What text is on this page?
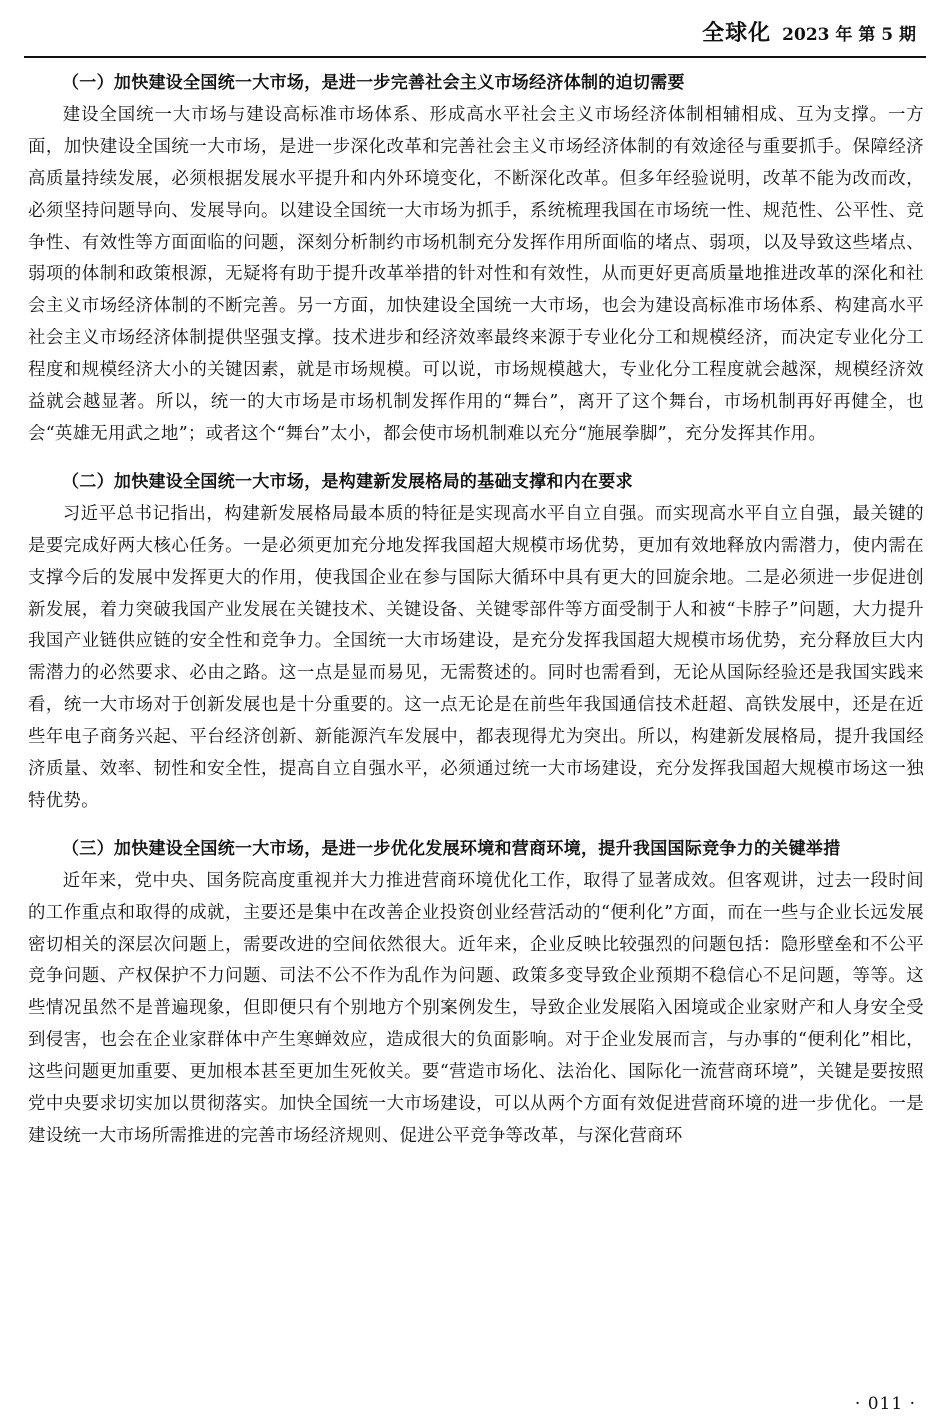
全球化 2023 年 第 5 期
（一）加快建设全国统一大市场，是进一步完善社会主义市场经济体制的迫切需要

建设全国统一大市场与建设高标准市场体系、形成高水平社会主义市场经济体制相辅相成、互为支撑。一方面，加快建设全国统一大市场，是进一步深化改革和完善社会主义市场经济体制的有效途径与重要抓手。保障经济高质量持续发展，必须根据发展水平提升和内外环境变化，不断深化改革。但多年经验说明，改革不能为改而改，必须坚持问题导向、发展导向。以建设全国统一大市场为抓手，系统梳理我国在市场统一性、规范性、公平性、竞争性、有效性等方面面临的问题，深刻分析制约市场机制充分发挥作用所面临的堵点、弱项，以及导致这些堵点、弱项的体制和政策根源，无疑将有助于提升改革举措的针对性和有效性，从而更好更高质量地推进改革的深化和社会主义市场经济体制的不断完善。另一方面，加快建设全国统一大市场，也会为建设高标准市场体系、构建高水平社会主义市场经济体制提供坚强支撑。技术进步和经济效率最终来源于专业化分工和规模经济，而决定专业化分工程度和规模经济大小的关键因素，就是市场规模。可以说，市场规模越大，专业化分工程度就会越深，规模经济效益就会越显著。所以，统一的大市场是市场机制发挥作用的“舞台”，离开了这个舞台，市场机制再好再健全，也会“英雄无用武之地”；或者这个“舞台”太小，都会使市场机制难以充分“施展拳脚”，充分发挥其作用。

（二）加快建设全国统一大市场，是构建新发展格局的基础支撑和内在要求

习近平总书记指出，构建新发展格局最本质的特征是实现高水平自立自强。而实现高水平自立自强，最关键的是要完成好两大核心任务。一是必须更加充分地发挥我国超大规模市场优势，更加有效地释放内需潜力，使内需在支撑今后的发展中发挥更大的作用，使我国企业在参与国际大循环中具有更大的回旋余地。二是必须进一步促进创新发展，着力突破我国产业发展在关键技术、关键设备、关键零部件等方面受制于人和被“卡脖子”问题，大力提升我国产业链供应链的安全性和竞争力。全国统一大市场建设，是充分发挥我国超大规模市场优势，充分释放巨大内需潜力的必然要求、必由之路。这一点是显而易见，无需赘述的。同时也需看到，无论从国际经验还是我国实践来看，统一大市场对于创新发展也是十分重要的。这一点无论是在前些年我国通信技术赶超、高铁发展中，还是在近些年电子商务兴起、平台经济创新、新能源汽车发展中，都表现得尤为突出。所以，构建新发展格局，提升我国经济质量、效率、韧性和安全性，提高自立自强水平，必须通过统一大市场建设，充分发挥我国超大规模市场这一独特优势。

（三）加快建设全国统一大市场，是进一步优化发展环境和营商环境，提升我国国际竞争力的关键举措

近年来，党中央、国务院高度重视并大力推进营商环境优化工作，取得了显著成效。但客观讲，过去一段时间的工作重点和取得的成就，主要还是集中在改善企业投资创业经营活动的“便利化”方面，而在一些与企业长远发展密切相关的深层次问题上，需要改进的空间依然很大。近年来，企业反映比较强烈的问题包括：隐形壁垒和不公平竞争问题、产权保护不力问题、司法不公不作为乱作为问题、政策多变导致企业预期不稳信心不足问题，等等。这些情况虽然不是普遍现象，但即便只有个别地方个别案例发生，导致企业发展陷入困境或企业家财产和人身安全受到侵害，也会在企业家群体中产生寒蝉效应，造成很大的负面影响。对于企业发展而言，与办事的“便利化”相比，这些问题更加重要、更加根本甚至更加生死攸关。要“营造市场化、法治化、国际化一流营商环境”，关键是要按照党中央要求切实加以贯彻落实。加快全国统一大市场建设，可以从两个方面有效促进营商环境的进一步优化。一是建设统一大市场所需推进的完善市场经济规则、促进公平竞争等改革，与深化营商环

· 011 ·
